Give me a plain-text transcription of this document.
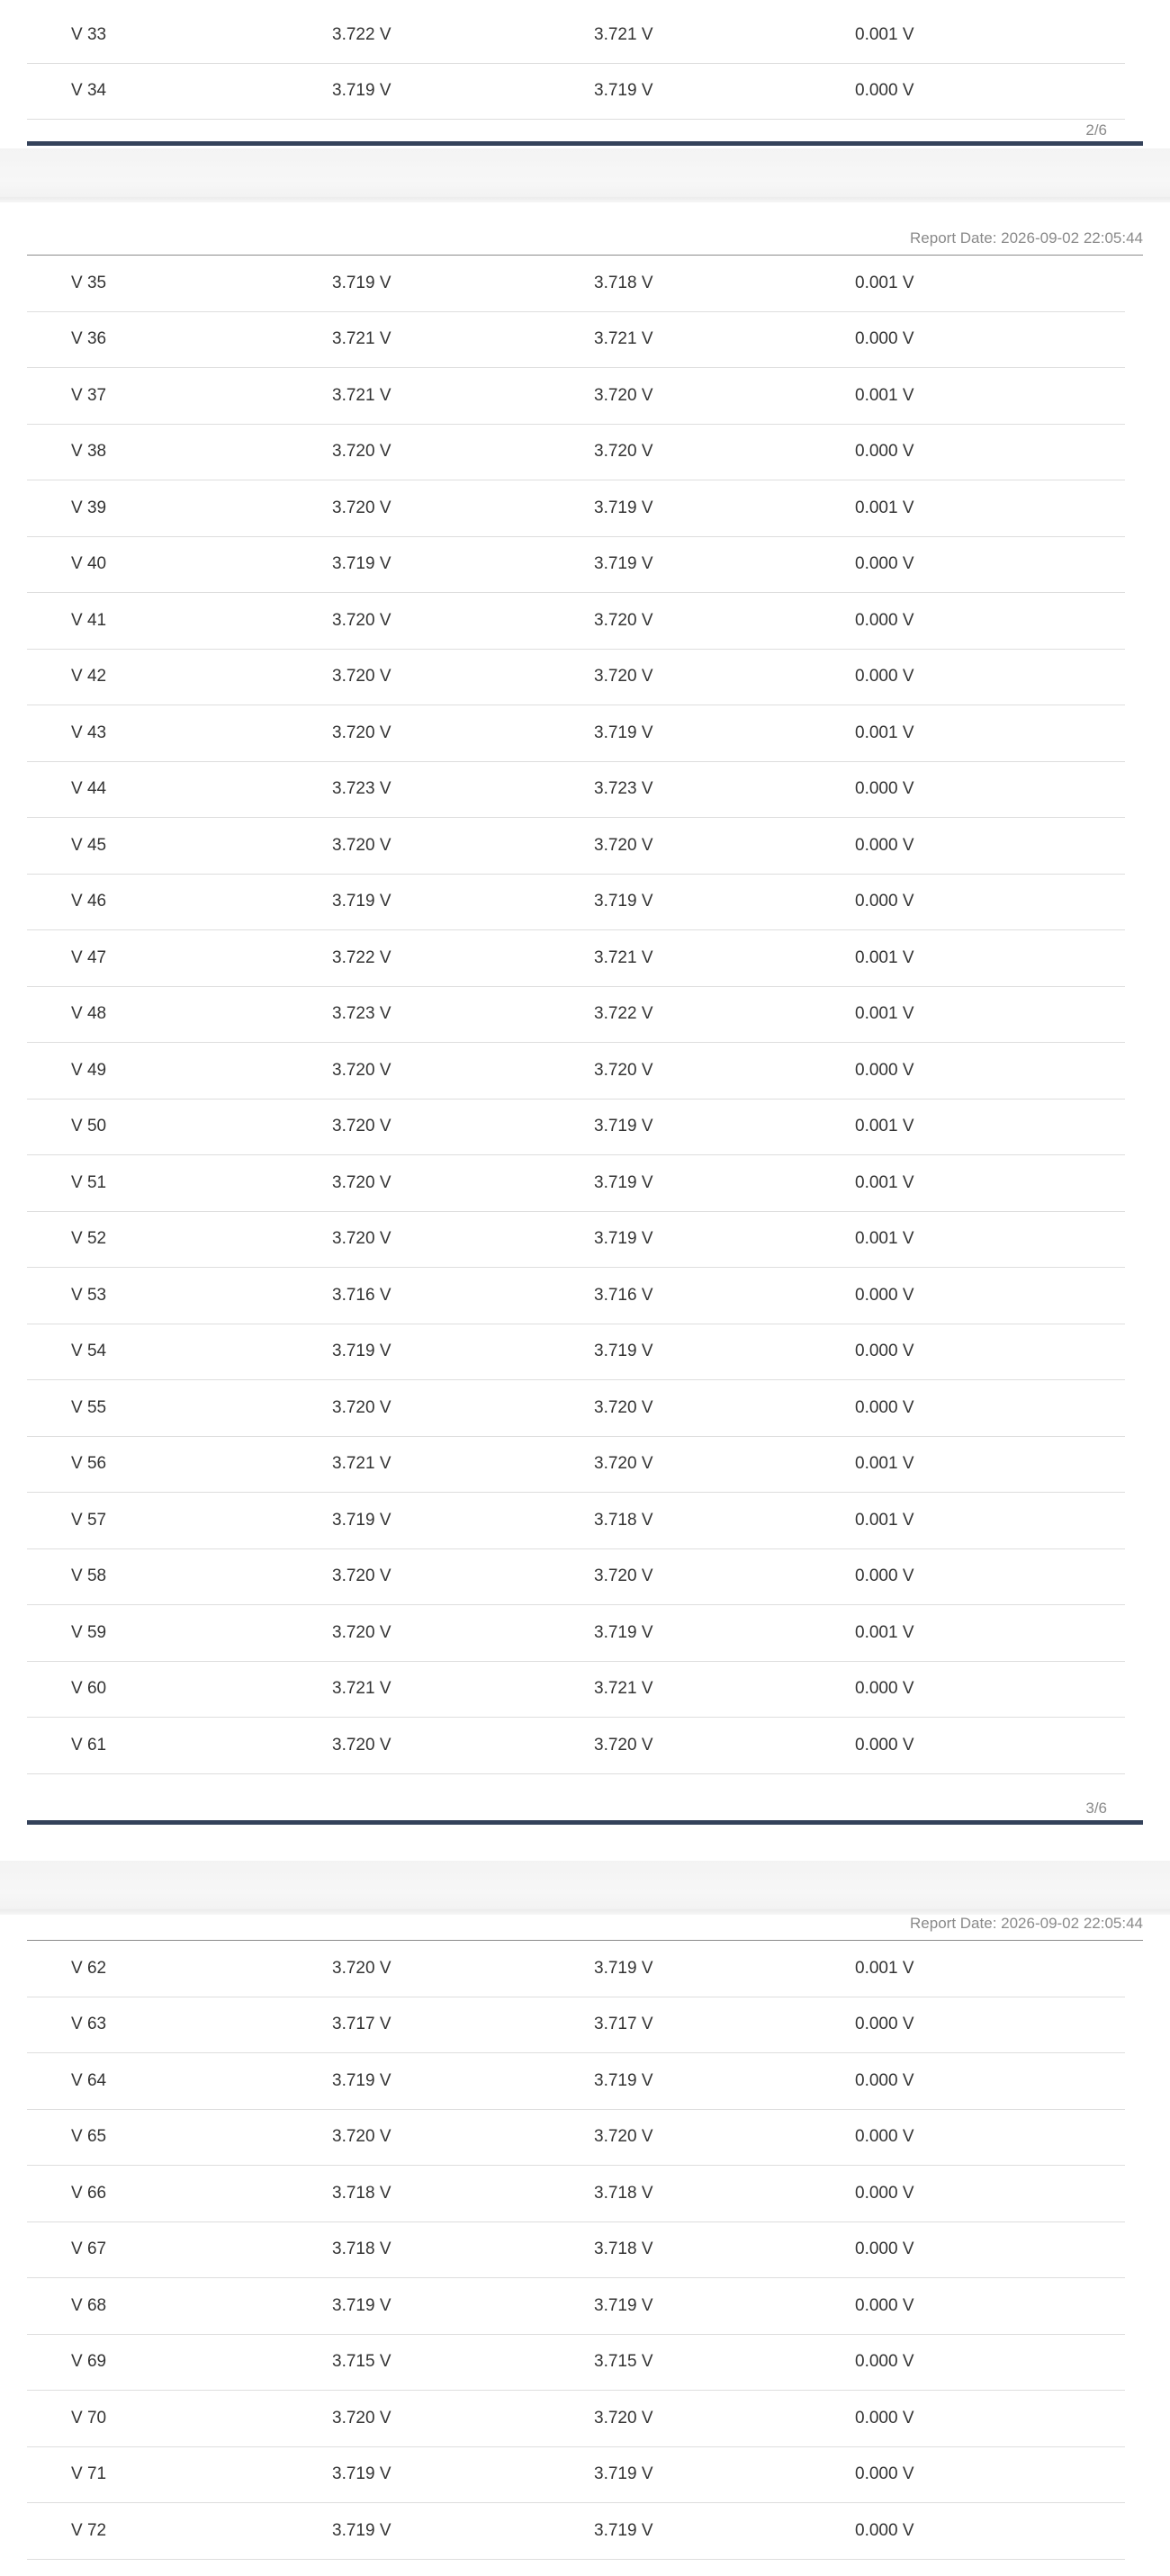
V 33	3.722 V	3.721 V	0.001 V
V 34	3.719 V	3.719 V	0.000 V
2/6
Report Date: 2026-09-02 22:05:44
V 35	3.719 V	3.718 V	0.001 V
V 36	3.721 V	3.721 V	0.000 V
V 37	3.721 V	3.720 V	0.001 V
V 38	3.720 V	3.720 V	0.000 V
V 39	3.720 V	3.719 V	0.001 V
V 40	3.719 V	3.719 V	0.000 V
V 41	3.720 V	3.720 V	0.000 V
V 42	3.720 V	3.720 V	0.000 V
V 43	3.720 V	3.719 V	0.001 V
V 44	3.723 V	3.723 V	0.000 V
V 45	3.720 V	3.720 V	0.000 V
V 46	3.719 V	3.719 V	0.000 V
V 47	3.722 V	3.721 V	0.001 V
V 48	3.723 V	3.722 V	0.001 V
V 49	3.720 V	3.720 V	0.000 V
V 50	3.720 V	3.719 V	0.001 V
V 51	3.720 V	3.719 V	0.001 V
V 52	3.720 V	3.719 V	0.001 V
V 53	3.716 V	3.716 V	0.000 V
V 54	3.719 V	3.719 V	0.000 V
V 55	3.720 V	3.720 V	0.000 V
V 56	3.721 V	3.720 V	0.001 V
V 57	3.719 V	3.718 V	0.001 V
V 58	3.720 V	3.720 V	0.000 V
V 59	3.720 V	3.719 V	0.001 V
V 60	3.721 V	3.721 V	0.000 V
V 61	3.720 V	3.720 V	0.000 V
3/6
Report Date: 2026-09-02 22:05:44
V 62	3.720 V	3.719 V	0.001 V
V 63	3.717 V	3.717 V	0.000 V
V 64	3.719 V	3.719 V	0.000 V
V 65	3.720 V	3.720 V	0.000 V
V 66	3.718 V	3.718 V	0.000 V
V 67	3.718 V	3.718 V	0.000 V
V 68	3.719 V	3.719 V	0.000 V
V 69	3.715 V	3.715 V	0.000 V
V 70	3.720 V	3.720 V	0.000 V
V 71	3.719 V	3.719 V	0.000 V
V 72	3.719 V	3.719 V	0.000 V
